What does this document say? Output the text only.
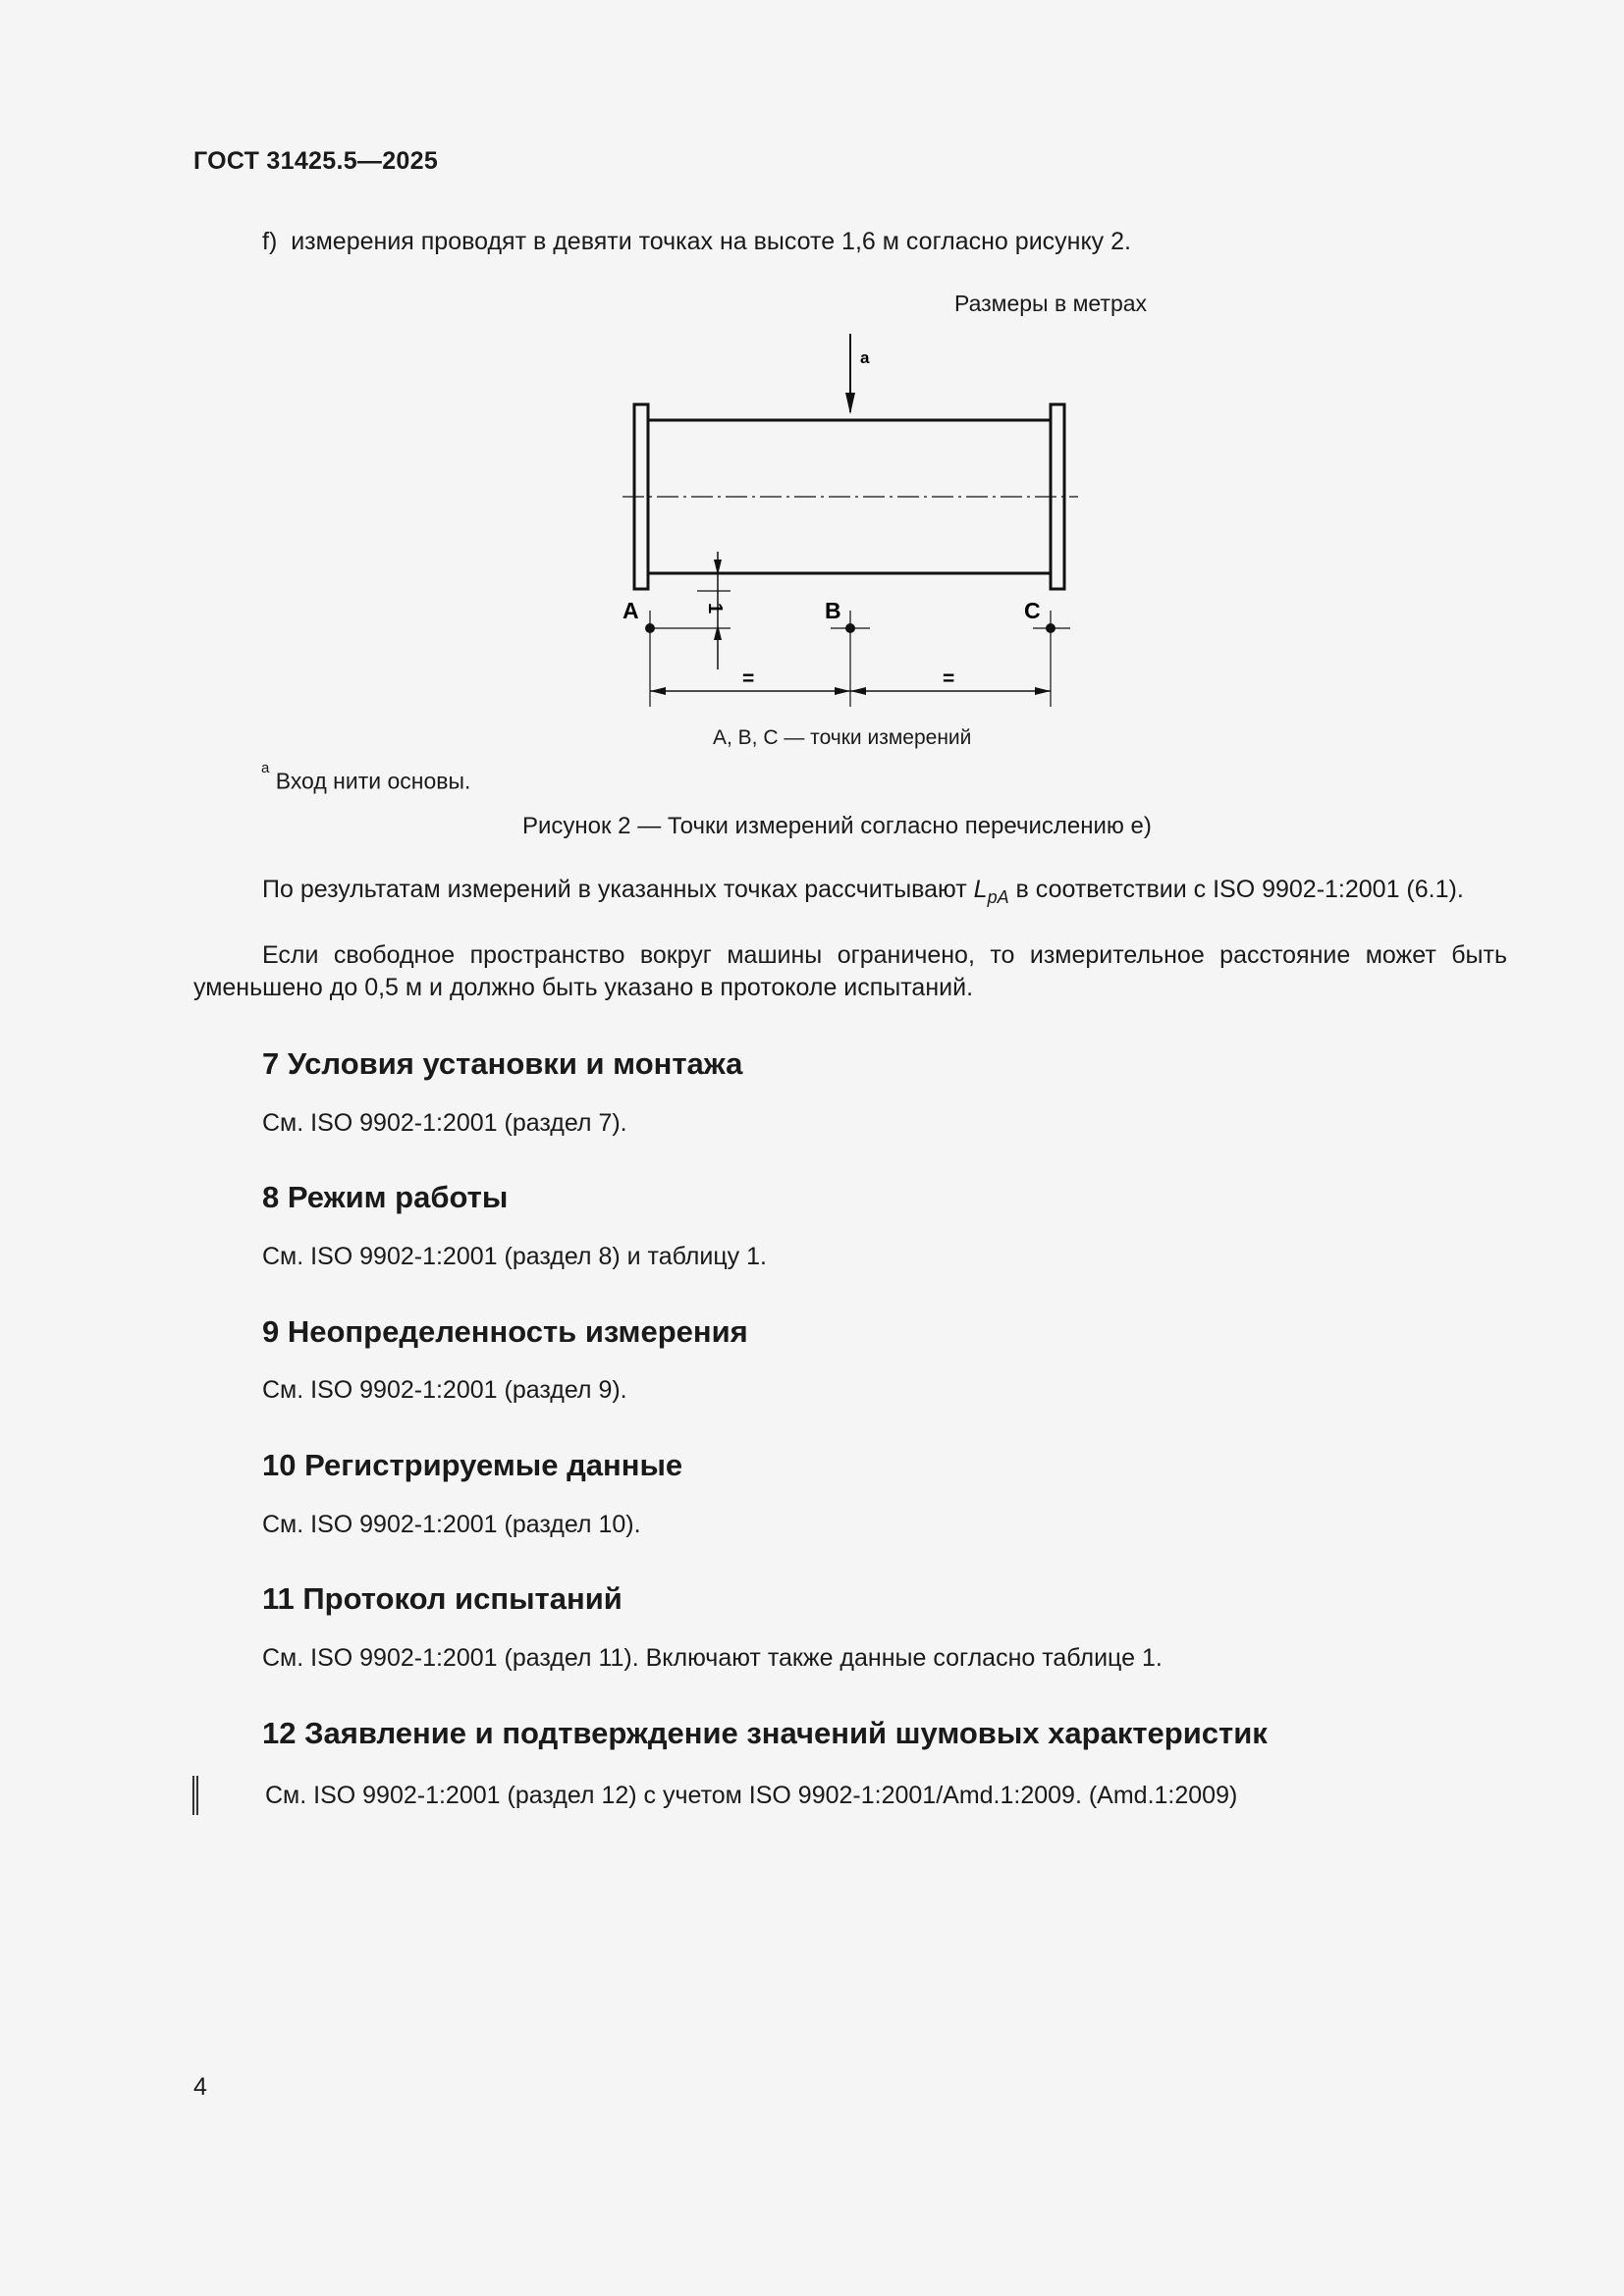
ГОСТ 31425.5—2025
f) измерения проводят в девяти точках на высоте 1,6 м согласно рисунку 2.
Размеры в метрах
a
1
A	B	C
=	=
A, B, C — точки измерений
$^a$ Вход нити основы.
Рисунок 2 — Точки измерений согласно перечислению е)
По результатам измерений в указанных точках рассчитывают $L_{pA}$ в соответствии с ISO 9902-1:2001 (6.1).
Если свободное пространство вокруг машины ограничено, то измерительное расстояние может быть уменьшено до 0,5 м и должно быть указано в протоколе испытаний.
7 Условия установки и монтажа
См. ISO 9902-1:2001 (раздел 7).
8 Режим работы
См. ISO 9902-1:2001 (раздел 8) и таблицу 1.
9 Неопределенность измерения
См. ISO 9902-1:2001 (раздел 9).
10 Регистрируемые данные
См. ISO 9902-1:2001 (раздел 10).
11 Протокол испытаний
См. ISO 9902-1:2001 (раздел 11). Включают также данные согласно таблице 1.
12 Заявление и подтверждение значений шумовых характеристик
См. ISO 9902-1:2001 (раздел 12) с учетом ISO 9902-1:2001/Amd.1:2009. (Amd.1:2009)
4
